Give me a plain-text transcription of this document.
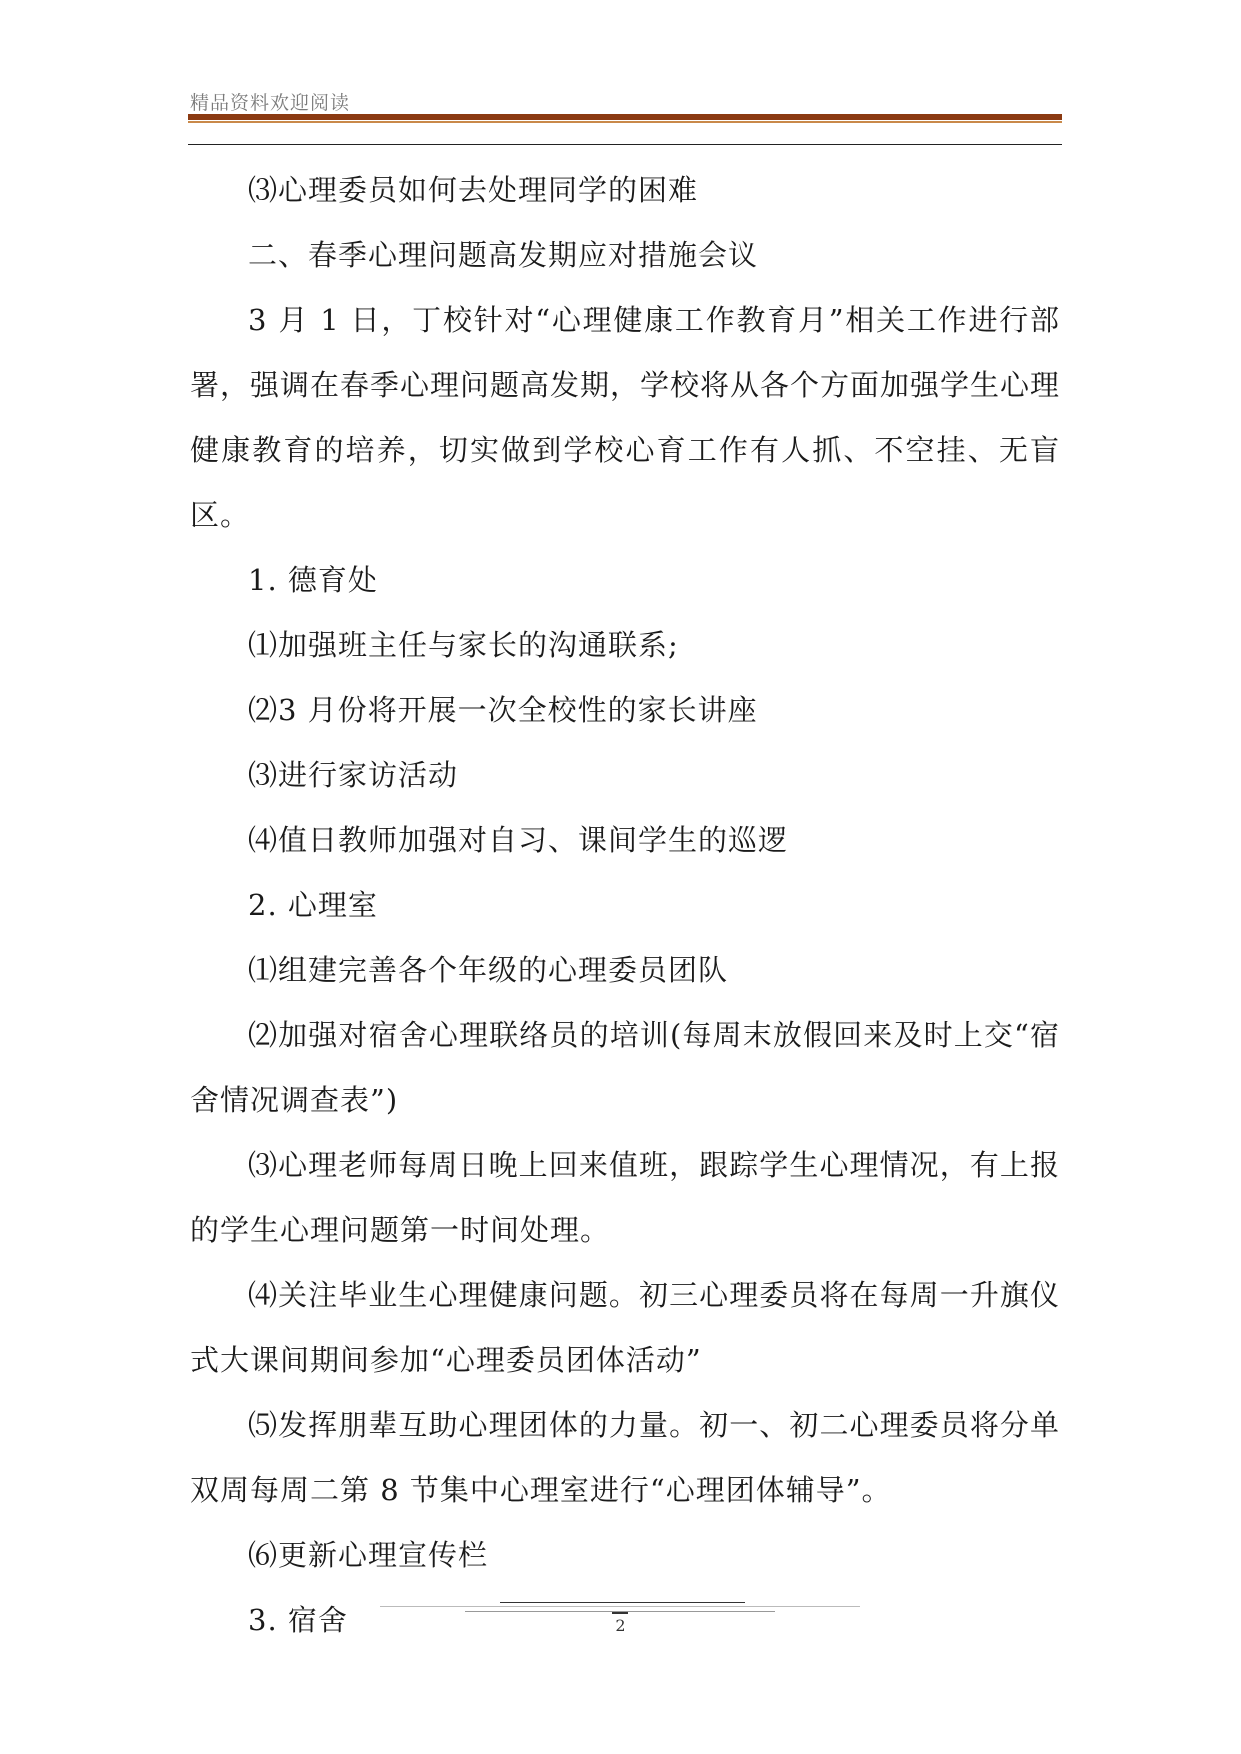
精品资料欢迎阅读

⑶心理委员如何去处理同学的困难

二、春季心理问题高发期应对措施会议

3 月 1 日，丁校针对“心理健康工作教育月”相关工作进行部署，强调在春季心理问题高发期，学校将从各个方面加强学生心理健康教育的培养，切实做到学校心育工作有人抓、不空挂、无盲区。

1. 德育处

⑴加强班主任与家长的沟通联系;

⑵3 月份将开展一次全校性的家长讲座

⑶进行家访活动

⑷值日教师加强对自习、课间学生的巡逻

2. 心理室

⑴组建完善各个年级的心理委员团队

⑵加强对宿舍心理联络员的培训(每周末放假回来及时上交“宿舍情况调查表”)

⑶心理老师每周日晚上回来值班，跟踪学生心理情况，有上报的学生心理问题第一时间处理。

⑷关注毕业生心理健康问题。初三心理委员将在每周一升旗仪式大课间期间参加“心理委员团体活动”

⑸发挥朋辈互助心理团体的力量。初一、初二心理委员将分单双周每周二第 8 节集中心理室进行“心理团体辅导”。

⑹更新心理宣传栏

3. 宿舍	2
